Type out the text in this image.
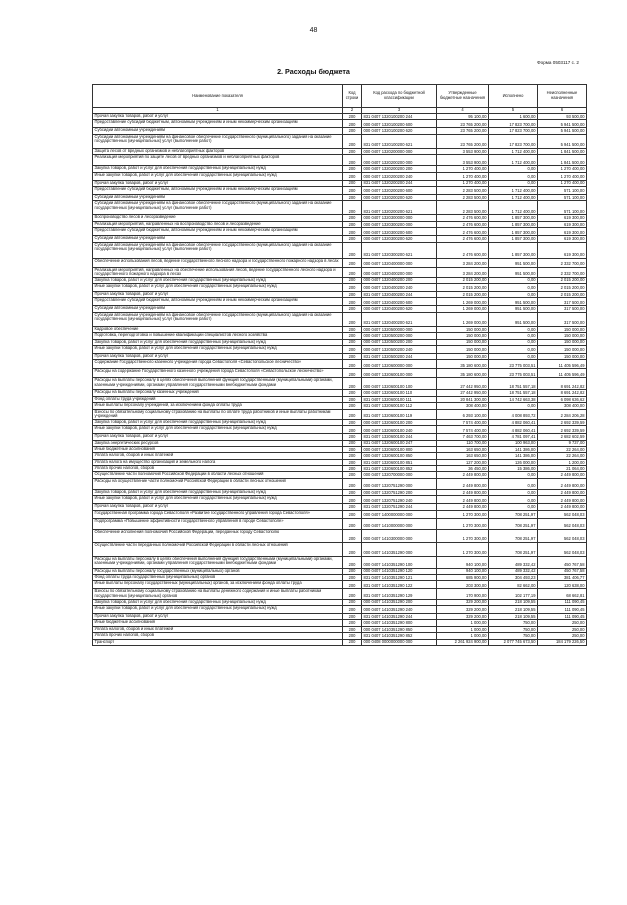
48
Форма 0503117 с. 2
2. Расходы бюджета
Наименование показателя	Код строки	Код расхода по бюджетной классификации	Утвержденные бюджетные назначения	Исполнено	Неисполненные назначения
1	2	3	4	5	6
Прочая закупка товаров, работ и услуг	200	831 0407 1320100200 244	95 100,00	1 600,00	93 500,00
Предоставление субсидий бюджетным, автономным учреждениям и иным некоммерческим организациям	200	000 0407 1320100200 600	23 765 200,00	17 823 700,00	5 941 500,00
Субсидии автономным учреждениям	200	000 0407 1320100200 620	23 765 200,00	17 823 700,00	5 941 500,00
Субсидии автономным учреждениям на финансовое обеспечение государственного (муниципального) задания на оказание государственных (муниципальных) услуг (выполнение работ)	200	831 0407 1320100200 621	23 765 200,00	17 823 700,00	5 941 500,00
Защита лесов от вредных организмов и неблагоприятных факторов	200	000 0407 1320200000 000	3 553 900,00	1 712 400,00	1 841 500,00
Реализация мероприятий по защите лесов от вредных организмов и неблагоприятных факторов	200	000 0407 1320200200 000	3 553 900,00	1 712 400,00	1 841 500,00
Закупка товаров, работ и услуг для обеспечения государственных (муниципальных) нужд	200	000 0407 1320200200 200	1 270 400,00	0,00	1 270 400,00
Иные закупки товаров, работ и услуг для обеспечения государственных (муниципальных) нужд	200	000 0407 1320200200 240	1 270 400,00	0,00	1 270 400,00
Прочая закупка товаров, работ и услуг	200	831 0407 1320200200 244	1 270 400,00	0,00	1 270 400,00
Предоставление субсидий бюджетным, автономным учреждениям и иным некоммерческим организациям	200	000 0407 1320200200 600	2 283 500,00	1 712 400,00	571 100,00
Субсидии автономным учреждениям	200	000 0407 1320200200 620	2 283 500,00	1 712 400,00	571 100,00
Субсидии автономным учреждениям на финансовое обеспечение государственного (муниципального) задания на оказание государственных (муниципальных) услуг (выполнение работ)	200	831 0407 1320200200 621	2 283 500,00	1 712 400,00	571 100,00
Воспроизводство лесов и лесоразведение	200	000 0407 1320300000 000	2 476 600,00	1 857 300,00	619 300,00
Реализация мероприятий, направленных на воспроизводство лесов и лесоразведение	200	000 0407 1320300200 000	2 476 600,00	1 857 300,00	619 300,00
Предоставление субсидий бюджетным, автономным учреждениям и иным некоммерческим организациям	200	000 0407 1320300200 600	2 476 600,00	1 857 300,00	619 300,00
Субсидии автономным учреждениям	200	000 0407 1320300200 620	2 476 600,00	1 857 300,00	619 300,00
Субсидии автономным учреждениям на финансовое обеспечение государственного (муниципального) задания на оказание государственных (муниципальных) услуг (выполнение работ)	200	831 0407 1320300200 621	2 476 600,00	1 857 300,00	619 300,00
Обеспечение использования лесов, ведение государственного лесного надзора и государственного пожарного надзора в лесах	200	000 0407 1320400000 000	3 284 200,00	951 500,00	2 332 700,00
Реализация мероприятий, направленных на обеспечение использования лесов, ведение государственного лесного надзора и государственного пожарного надзора в лесах	200	000 0407 1320400200 000	3 284 200,00	951 500,00	2 332 700,00
Закупка товаров, работ и услуг для обеспечения государственных (муниципальных) нужд	200	000 0407 1320400200 200	2 015 200,00	0,00	2 015 200,00
Иные закупки товаров, работ и услуг для обеспечения государственных (муниципальных) нужд	200	000 0407 1320400200 240	2 015 200,00	0,00	2 015 200,00
Прочая закупка товаров, работ и услуг	200	831 0407 1320400200 244	2 015 200,00	0,00	2 015 200,00
Предоставление субсидий бюджетным, автономным учреждениям и иным некоммерческим организациям	200	000 0407 1320400200 600	1 269 000,00	951 500,00	317 500,00
Субсидии автономным учреждениям	200	000 0407 1320400200 620	1 269 000,00	951 500,00	317 500,00
Субсидии автономным учреждениям на финансовое обеспечение государственного (муниципального) задания на оказание государственных (муниципальных) услуг (выполнение работ)	200	831 0407 1320400200 621	1 269 000,00	951 500,00	317 500,00
Кадровое обеспечение	200	000 0407 1320500000 000	150 000,00	0,00	150 000,00
Подготовка, переподготовка и повышение квалификации специалистов лесного хозяйства	200	000 0407 1320500200 000	150 000,00	0,00	150 000,00
Закупка товаров, работ и услуг для обеспечения государственных (муниципальных) нужд	200	000 0407 1320500200 200	150 000,00	0,00	150 000,00
Иные закупки товаров, работ и услуг для обеспечения государственных (муниципальных) нужд	200	000 0407 1320500200 240	150 000,00	0,00	150 000,00
Прочая закупка товаров, работ и услуг	200	831 0407 1320500200 244	150 000,00	0,00	150 000,00
Содержание Государственного казенного учреждения города Севастополя «Севастопольское лесничество»	200	000 0407 1320600000 000	35 180 600,00	23 775 003,51	11 405 596,49
Расходы на содержание Государственного казенного учреждения города Севастополя «Севастопольское лесничество»	200	000 0407 1320600100 000	35 180 600,00	23 775 003,51	11 405 596,49
Расходы на выплаты персоналу в целях обеспечения выполнения функций государственными (муниципальными) органами, казенными учреждениями, органами управления государственными внебюджетными фондами	200	000 0407 1320600100 100	27 442 950,00	18 751 557,18	8 691 242,82
Расходы на выплаты персоналу казенных учреждений	200	000 0407 1320600100 110	27 442 950,00	18 751 557,18	8 691 242,82
Фонд оплаты труда учреждений	200	831 0407 1320600100 111	20 841 300,00	14 742 663,38	6 098 636,62
Иные выплаты персоналу учреждений, за исключением фонда оплаты труда	200	831 0407 1320600100 112	308 400,00	0,00	308 400,00
Взносы по обязательному социальному страхованию на выплаты по оплате труда работников и иные выплаты работникам учреждений	200	831 0407 1320600100 119	6 293 100,00	4 008 893,72	2 284 206,28
Закупка товаров, работ и услуг для обеспечения государственных (муниципальных) нужд	200	000 0407 1320600100 200	7 574 400,00	4 882 060,41	2 692 339,59
Иные закупки товаров, работ и услуг для обеспечения государственных (муниципальных) нужд	200	000 0407 1320600100 240	7 574 400,00	4 882 060,41	2 692 339,59
Прочая закупка товаров, работ и услуг	200	831 0407 1320600100 244	7 463 700,00	4 781 097,41	2 682 602,59
Закупка энергетических ресурсов	200	831 0407 1320600100 247	110 700,00	100 963,00	9 737,00
Иные бюджетные ассигнования	200	000 0407 1320600100 800	163 650,00	141 386,00	22 264,00
Уплата налогов, сборов и иных платежей	200	000 0407 1320600100 850	163 650,00	141 386,00	22 264,00
Уплата налога на имущество организаций и земельного налога	200	831 0407 1320600100 851	127 200,00	126 000,00	1 200,00
Уплата прочих налогов, сборов	200	831 0407 1320600100 852	36 450,00	15 386,00	21 064,00
Осуществление части полномочий Российской Федерации в области лесных отношений	200	000 0407 1320700000 000	2 449 800,00	0,00	2 449 800,00
Расходы на осуществление части полномочий Российской Федерации в области лесных отношений	200	000 0407 1320751290 000	2 449 800,00	0,00	2 449 800,00
Закупка товаров, работ и услуг для обеспечения государственных (муниципальных) нужд	200	000 0407 1320751290 200	2 449 800,00	0,00	2 449 800,00
Иные закупки товаров, работ и услуг для обеспечения государственных (муниципальных) нужд	200	000 0407 1320751290 240	2 449 800,00	0,00	2 449 800,00
Прочая закупка товаров, работ и услуг	200	831 0407 1320751290 244	2 449 800,00	0,00	2 449 800,00
Государственная программа города Севастополя «Развитие государственного управления города Севастополя»	200	000 0407 1400000000 000	1 270 300,00	708 251,97	562 048,03
Подпрограмма «Повышение эффективности государственного управления в городе Севастополе»	200	000 0407 1410000000 000	1 270 300,00	708 251,97	562 048,03
Обеспечение исполнения полномочий Российской Федерации, переданных городу Севастополю	200	000 0407 1410300000 000	1 270 300,00	708 251,97	562 048,03
Осуществление части переданных полномочий Российской Федерации в области лесных отношений	200	000 0407 1410351290 000	1 270 300,00	708 251,97	562 048,03
Расходы на выплаты персоналу в целях обеспечения выполнения функций государственными (муниципальными) органами, казенными учреждениями, органами управления государственными внебюджетными фондами	200	000 0407 1410351290 100	940 100,00	489 332,42	450 767,58
Расходы на выплаты персоналу государственных (муниципальных) органов	200	000 0407 1410351290 120	940 100,00	489 332,42	450 767,58
Фонд оплаты труда государственных (муниципальных) органов	200	831 0407 1410351290 121	685 900,00	304 493,23	381 406,77
Иные выплаты персоналу государственных (муниципальных) органов, за исключением фонда оплаты труда	200	831 0407 1410351290 122	203 300,00	82 662,00	120 638,00
Взносы по обязательному социальному страхованию на выплаты денежного содержания и иные выплаты работникам государственных (муниципальных) органов	200	831 0407 1410351290 129	170 900,00	102 177,19	68 662,81
Закупка товаров, работ и услуг для обеспечения государственных (муниципальных) нужд	200	000 0407 1410351290 200	329 200,00	218 109,55	111 090,45
Иные закупки товаров, работ и услуг для обеспечения государственных (муниципальных) нужд	200	000 0407 1410351290 240	329 200,00	218 109,55	111 090,45
Прочая закупка товаров, работ и услуг	200	831 0407 1410351290 244	329 200,00	218 109,55	111 090,45
Иные бюджетные ассигнования	200	000 0407 1410351290 800	1 000,00	750,00	250,00
Уплата налогов, сборов и иных платежей	200	000 0407 1410351290 850	1 000,00	750,00	250,00
Уплата прочих налогов, сборов	200	831 0407 1410351290 852	1 000,00	750,00	250,00
Транспорт	200	000 0408 0000000000 000	2 261 924 900,00	2 077 745 673,50	184 179 226,50
